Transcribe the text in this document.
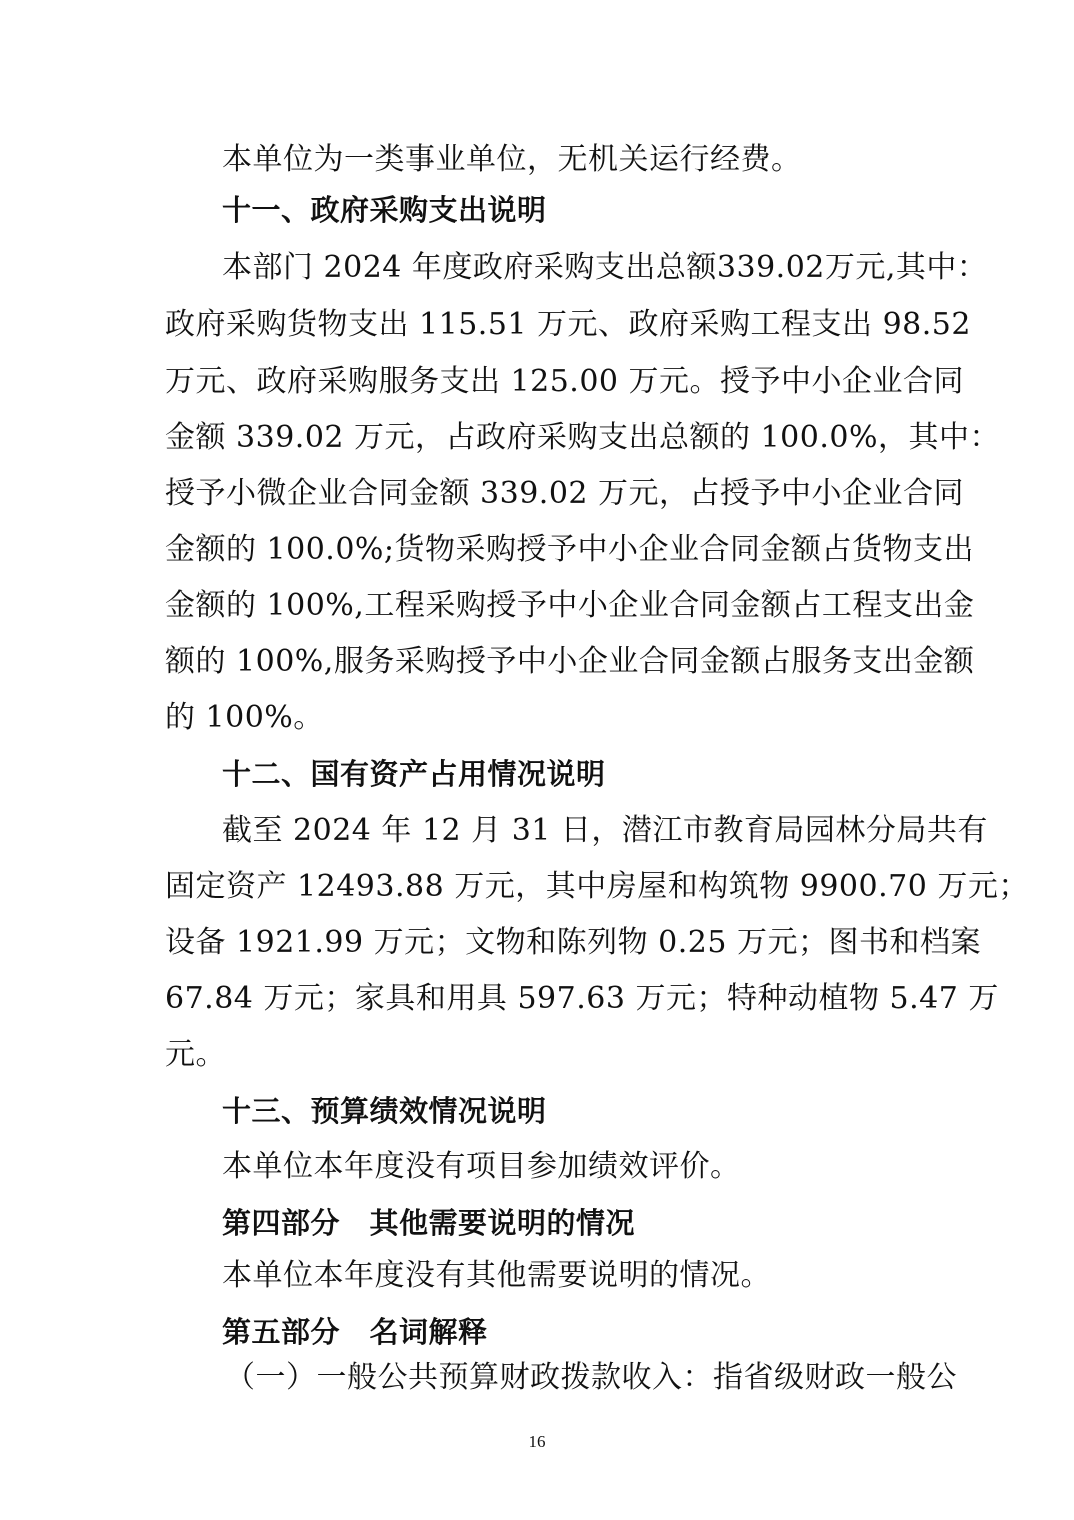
本单位为一类事业单位，无机关运行经费。
十一、政府采购支出说明
本部门 2024 年度政府采购支出总额339.02万元,其中：
政府采购货物支出 115.51 万元、政府采购工程支出 98.52
万元、政府采购服务支出 125.00 万元。授予中小企业合同
金额 339.02 万元，占政府采购支出总额的 100.0%，其中：
授予小微企业合同金额 339.02 万元，占授予中小企业合同
金额的 100.0%;货物采购授予中小企业合同金额占货物支出
金额的 100%,工程采购授予中小企业合同金额占工程支出金
额的 100%,服务采购授予中小企业合同金额占服务支出金额
的 100%。
十二、国有资产占用情况说明
截至 2024 年 12 月 31 日，潜江市教育局园林分局共有
固定资产 12493.88 万元，其中房屋和构筑物 9900.70 万元；
设备 1921.99 万元；文物和陈列物 0.25 万元；图书和档案
67.84 万元；家具和用具 597.63 万元；特种动植物 5.47 万
元。
十三、预算绩效情况说明
本单位本年度没有项目参加绩效评价。
第四部分　其他需要说明的情况
本单位本年度没有其他需要说明的情况。
第五部分　名词解释
（一）一般公共预算财政拨款收入：指省级财政一般公
16
